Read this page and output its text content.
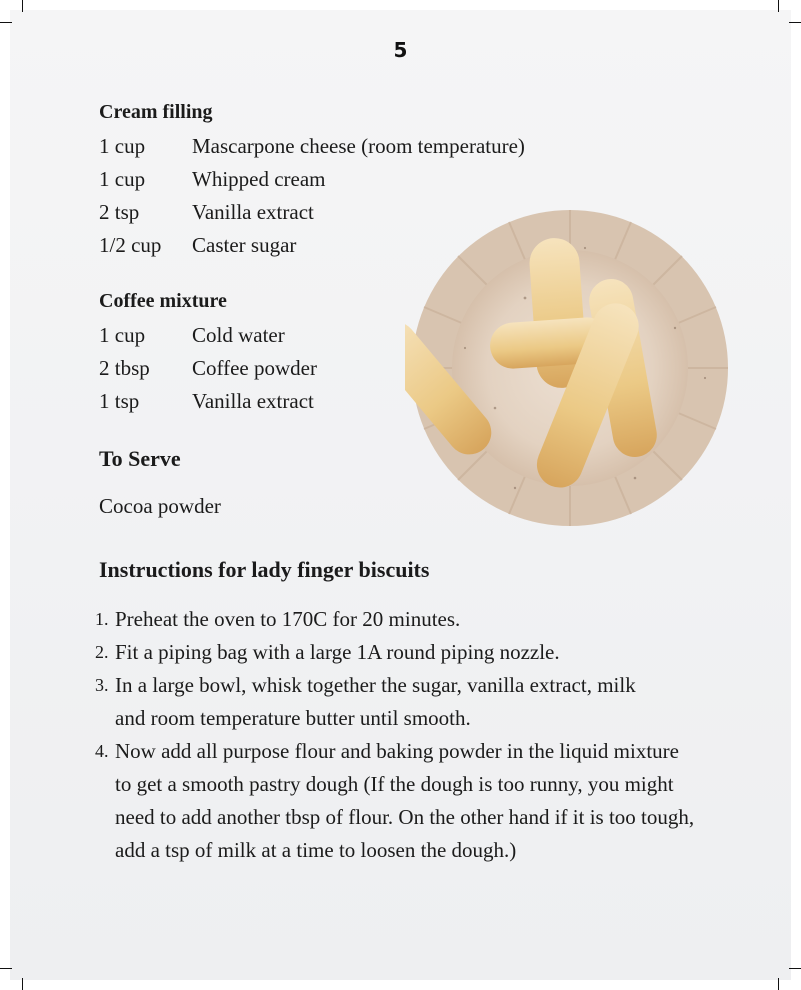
5
Cream filling
1 cup Mascarpone cheese (room temperature)
1 cup Whipped cream
2 tsp	Vanilla extract
1/2 cup Caster sugar
Coffee mixture
1 cup Cold water
2 tbsp Coffee powder
1 tsp	Vanilla extract
To Serve
Cocoa powder
Instructions for lady finger biscuits
1. Preheat the oven to 170C for 20 minutes.
2. Fit a piping bag with a large 1A round piping nozzle.
3. In a large bowl, whisk together the sugar, vanilla extract, milk and room temperature butter until smooth.
4. Now add all purpose flour and baking powder in the liquid mixture to get a smooth pastry dough (If the dough is too runny, you might need to add another tbsp of flour. On the other hand if it is too tough, add a tsp of milk at a time to loosen the dough.)
